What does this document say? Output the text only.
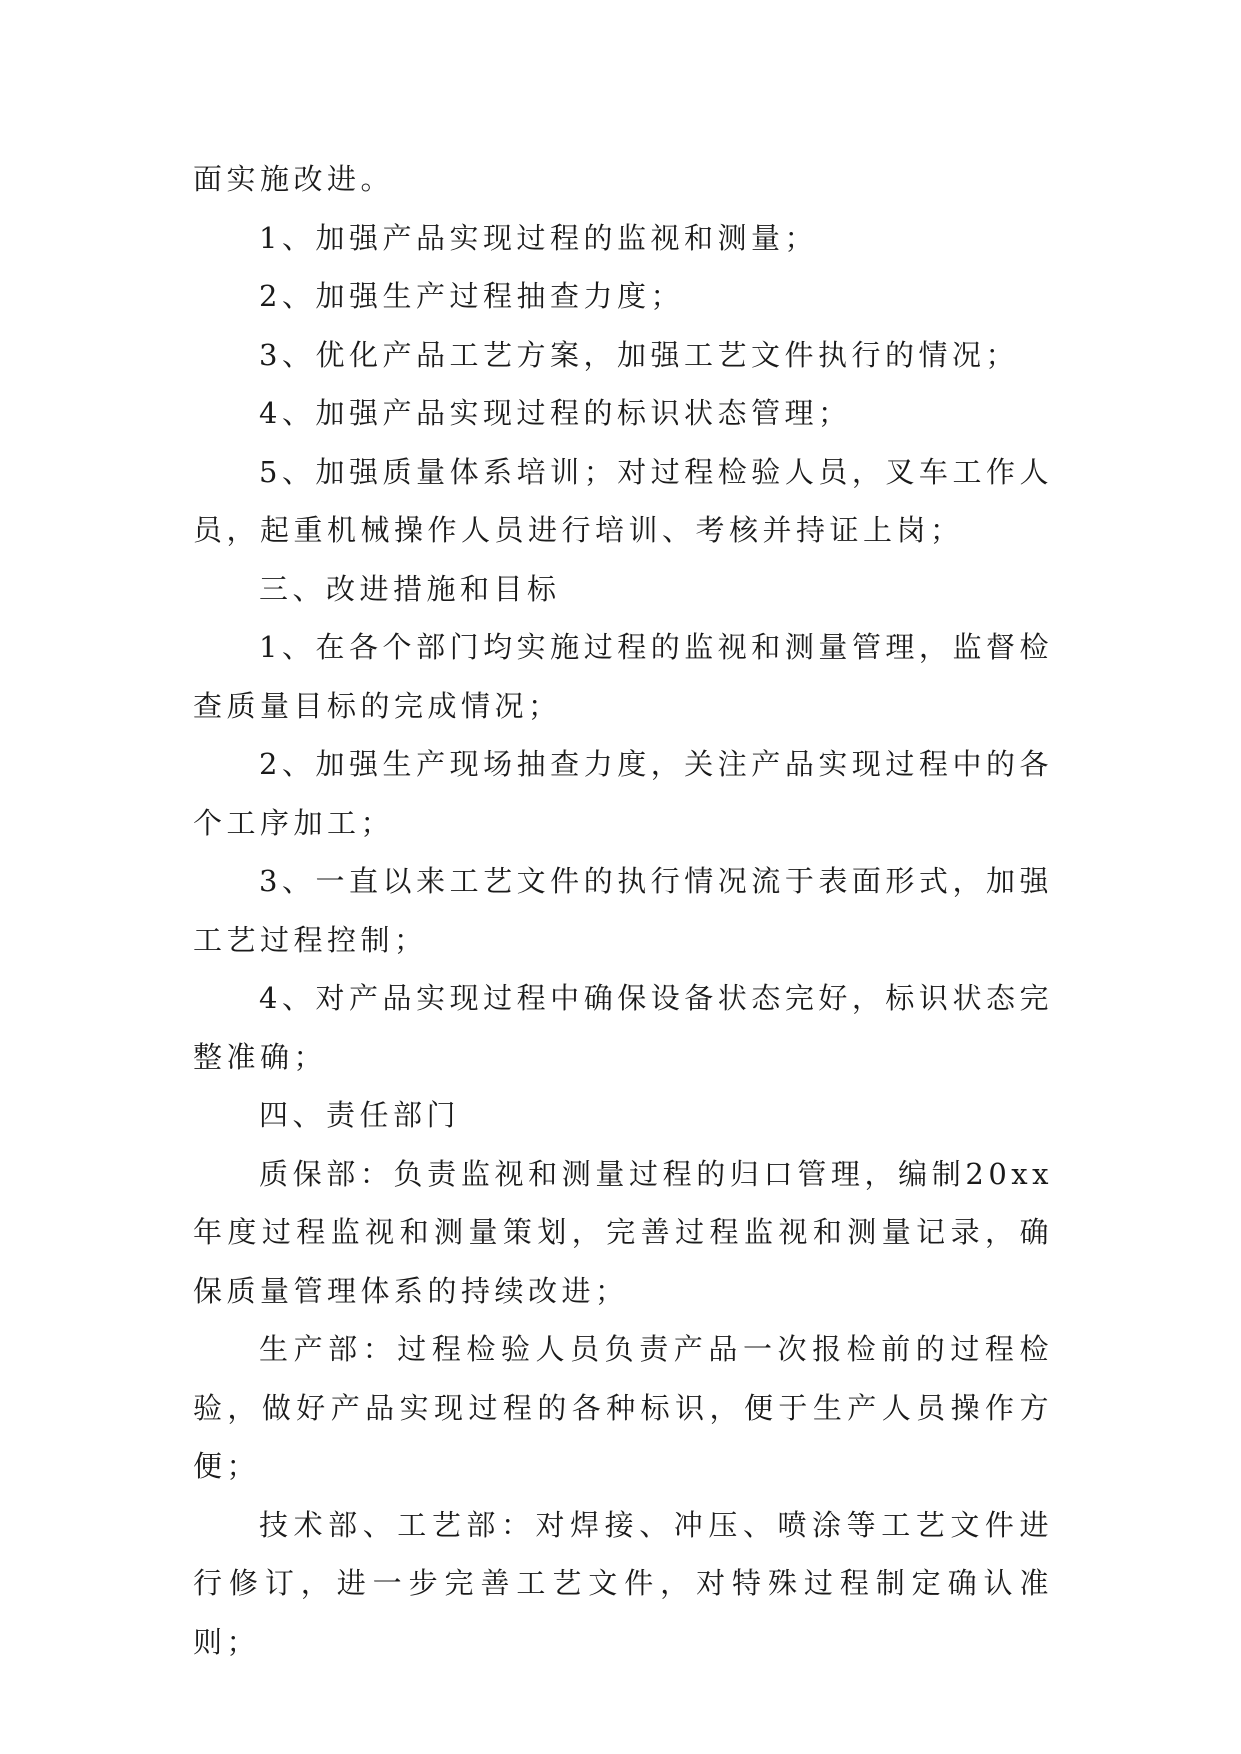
面实施改进。

1、加强产品实现过程的监视和测量；

2、加强生产过程抽查力度；

3、优化产品工艺方案，加强工艺文件执行的情况；

4、加强产品实现过程的标识状态管理；

5、加强质量体系培训；对过程检验人员，叉车工作人员，起重机械操作人员进行培训、考核并持证上岗；

三、改进措施和目标

1、在各个部门均实施过程的监视和测量管理，监督检查质量目标的完成情况；

2、加强生产现场抽查力度，关注产品实现过程中的各个工序加工；

3、一直以来工艺文件的执行情况流于表面形式，加强工艺过程控制；

4、对产品实现过程中确保设备状态完好，标识状态完整准确；

四、责任部门

质保部：负责监视和测量过程的归口管理，编制20xx年度过程监视和测量策划，完善过程监视和测量记录，确保质量管理体系的持续改进；

生产部：过程检验人员负责产品一次报检前的过程检验，做好产品实现过程的各种标识，便于生产人员操作方便；

技术部、工艺部：对焊接、冲压、喷涂等工艺文件进行修订，进一步完善工艺文件，对特殊过程制定确认准则；
